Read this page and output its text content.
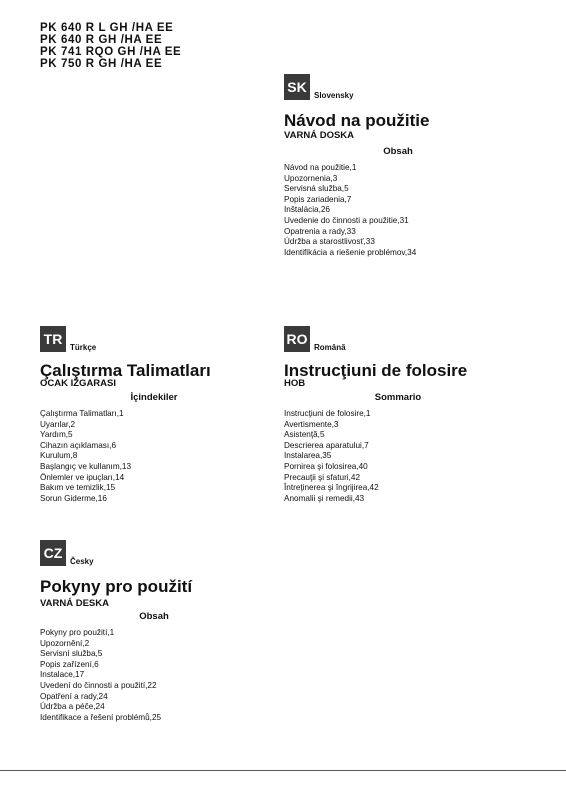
PK 640 R L GH /HA EE
PK 640 R GH /HA EE
PK 741 RQO GH /HA EE
PK 750 R GH /HA EE
SK
Slovensky
Návod na použitie
VARNÁ DOSKA
Obsah
Návod na použitie,1
Upozornenia,3
Servisná služba,5
Popis zariadenia,7
Inštalácia,26
Uvedenie do činnosti a použitie,31
Opatrenia a rady,33
Údržba a starostlivosť,33
Identifikácia a riešenie problémov,34
TR
Türkçe
Çalıştırma Talimatları
OCAK IZGARASI
İçindekiler
Çalıştırma Talimatları,1
Uyarılar,2
Yardım,5
Cihazın açıklaması,6
Kurulum,8
Başlangıç ve kullanım,13
Önlemler ve ipuçları,14
Bakım ve temizlik,15
Sorun Giderme,16
RO
Română
Instrucţiuni de folosire
HOB
Sommario
Instrucţiuni de folosire,1
Avertismente,3
Asistenţă,5
Descrierea aparatului,7
Instalarea,35
Pornirea şi folosirea,40
Precauţii şi sfaturi,42
Întreţinerea şi îngrijirea,42
Anomalii şi remedii,43
CZ
Česky
Pokyny pro použití
VARNÁ DESKA
Obsah
Pokyny pro použití,1
Upozornění,2
Servisní služba,5
Popis zařízení,6
Instalace,17
Uvedení do činnosti a použití,22
Opatření a rady,24
Údržba a péče,24
Identifikace a řešení problémů,25
